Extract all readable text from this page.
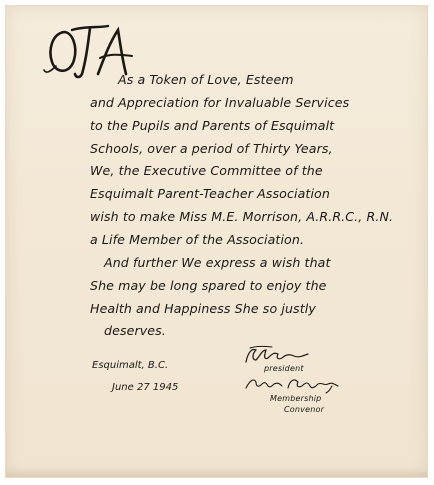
As a Token of Love, Esteem
and Appreciation for Invaluable Services
to the Pupils and Parents of Esquimalt
Schools, over a period of Thirty Years,
We, the Executive Committee of the
Esquimalt Parent-Teacher Association
wish to make Miss M.E. Morrison, A.R.R.C., R.N.
a Life Member of the Association.
And further We express a wish that
She may be long spared to enjoy the
Health and Happiness She so justly
deserves.
Esquimalt, B.C.
June 27 1945
president
Membership
Convenor
